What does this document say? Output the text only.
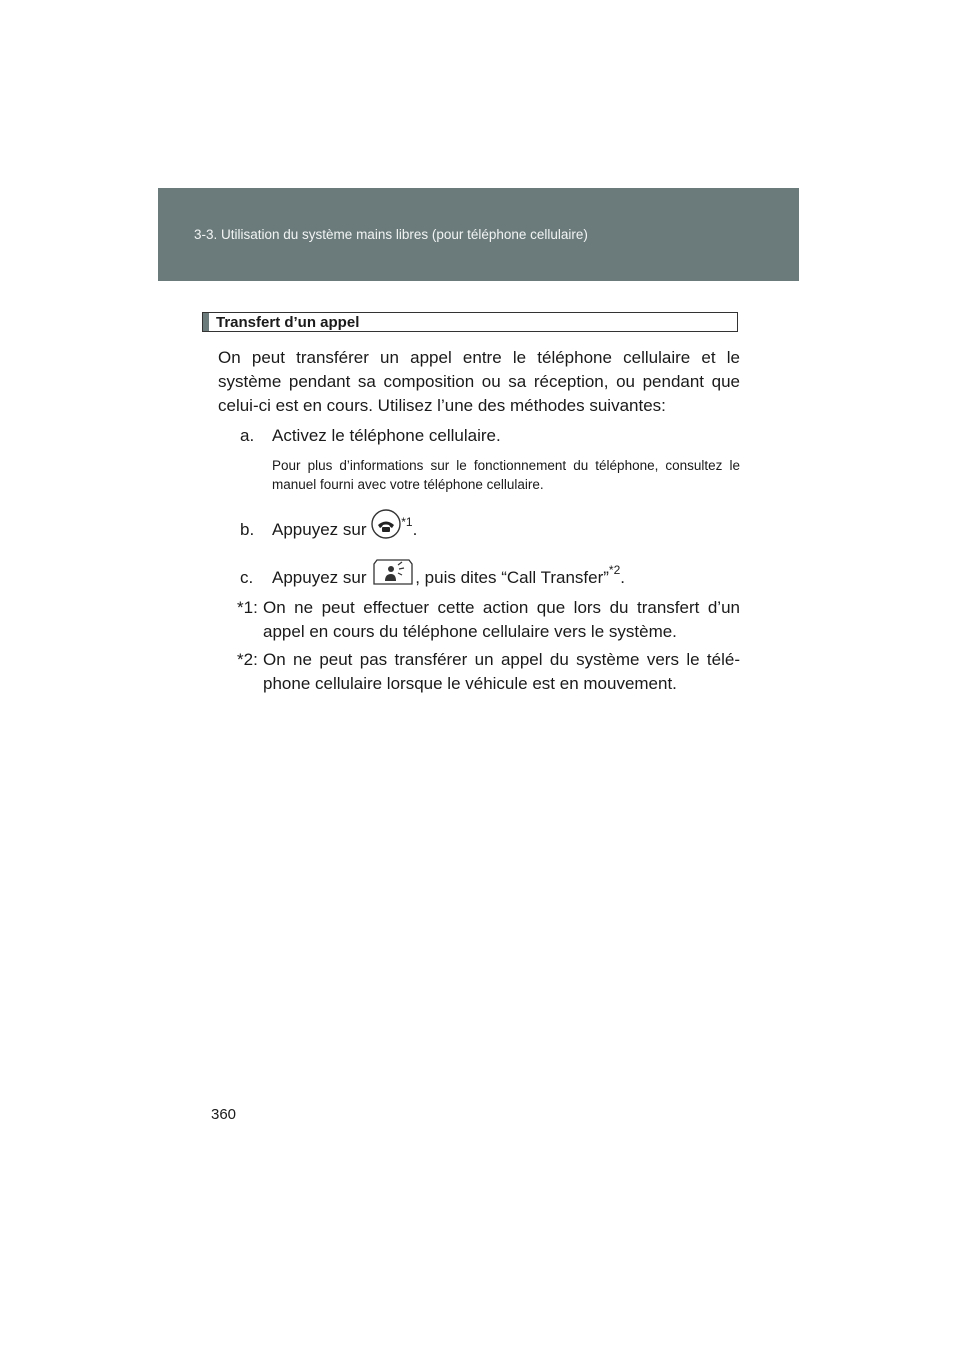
3-3. Utilisation du système mains libres (pour téléphone cellulaire)
Transfert d’un appel
On peut transférer un appel entre le téléphone cellulaire et le système pendant sa composition ou sa réception, ou pendant que celui-ci est en cours. Utilisez l’une des méthodes suivantes:
a. Activez le téléphone cellulaire.
Pour plus d’informations sur le fonctionnement du téléphone, consultez le manuel fourni avec votre téléphone cellulaire.
b. Appuyez sur	$^{*1}$.
c. Appuyez sur	, puis dites “Call Transfer”$^{*2}$.
*1: On ne peut effectuer cette action que lors du transfert d’un
appel en cours du téléphone cellulaire vers le système.
*2: On ne peut pas transférer un appel du système vers le télé-
phone cellulaire lorsque le véhicule est en mouvement.
360
